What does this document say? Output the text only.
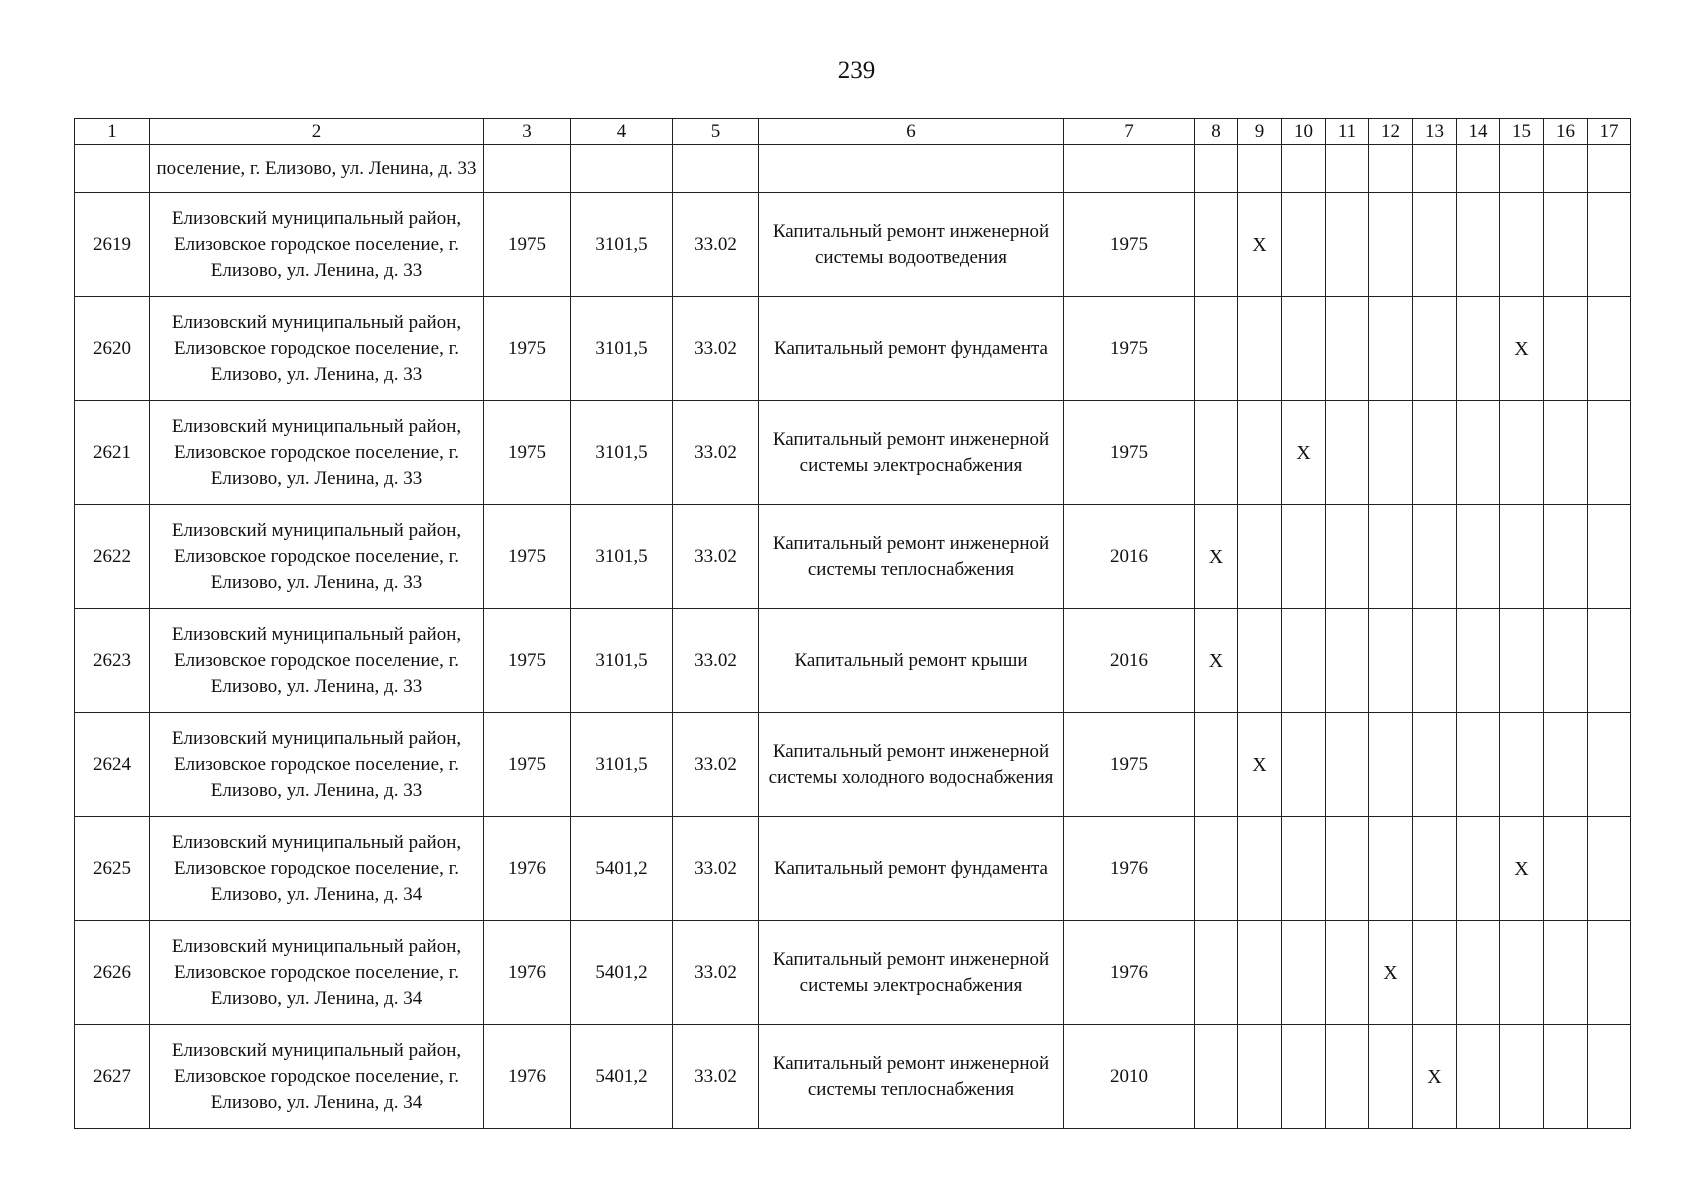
239
1	2	3	4	5	6	7	8	9	10	11	12	13	14	15	16	17
	поселение, г. Елизово, ул. Ленина, д. 33															
2619	Елизовский муниципальный район, Елизовское городское поселение, г. Елизово, ул. Ленина, д. 33	1975	3101,5	33.02	Капитальный ремонт инженерной системы водоотведения	1975		X								
2620	Елизовский муниципальный район, Елизовское городское поселение, г. Елизово, ул. Ленина, д. 33	1975	3101,5	33.02	Капитальный ремонт фундамента	1975								X		
2621	Елизовский муниципальный район, Елизовское городское поселение, г. Елизово, ул. Ленина, д. 33	1975	3101,5	33.02	Капитальный ремонт инженерной системы электроснабжения	1975			X							
2622	Елизовский муниципальный район, Елизовское городское поселение, г. Елизово, ул. Ленина, д. 33	1975	3101,5	33.02	Капитальный ремонт инженерной системы теплоснабжения	2016	X									
2623	Елизовский муниципальный район, Елизовское городское поселение, г. Елизово, ул. Ленина, д. 33	1975	3101,5	33.02	Капитальный ремонт крыши	2016	X									
2624	Елизовский муниципальный район, Елизовское городское поселение, г. Елизово, ул. Ленина, д. 33	1975	3101,5	33.02	Капитальный ремонт инженерной системы холодного водоснабжения	1975		X								
2625	Елизовский муниципальный район, Елизовское городское поселение, г. Елизово, ул. Ленина, д. 34	1976	5401,2	33.02	Капитальный ремонт фундамента	1976								X		
2626	Елизовский муниципальный район, Елизовское городское поселение, г. Елизово, ул. Ленина, д. 34	1976	5401,2	33.02	Капитальный ремонт инженерной системы электроснабжения	1976					X					
2627	Елизовский муниципальный район, Елизовское городское поселение, г. Елизово, ул. Ленина, д. 34	1976	5401,2	33.02	Капитальный ремонт инженерной системы теплоснабжения	2010						X				
